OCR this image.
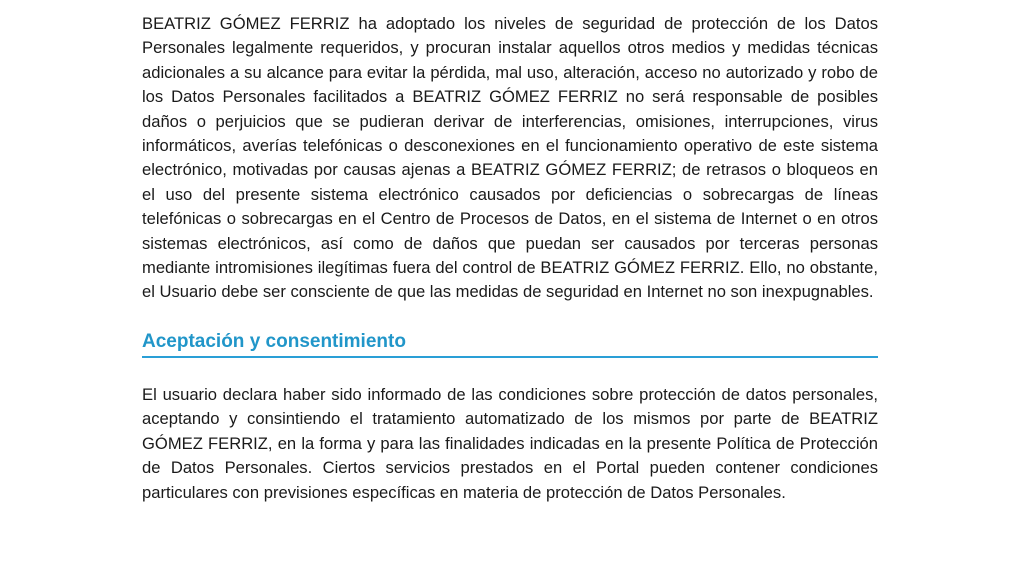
BEATRIZ GÓMEZ FERRIZ ha adoptado los niveles de seguridad de protección de los Datos Personales legalmente requeridos, y procuran instalar aquellos otros medios y medidas técnicas adicionales a su alcance para evitar la pérdida, mal uso, alteración, acceso no autorizado y robo de los Datos Personales facilitados a BEATRIZ GÓMEZ FERRIZ no será responsable de posibles daños o perjuicios que se pudieran derivar de interferencias, omisiones, interrupciones, virus informáticos, averías telefónicas o desconexiones en el funcionamiento operativo de este sistema electrónico, motivadas por causas ajenas a BEATRIZ GÓMEZ FERRIZ; de retrasos o bloqueos en el uso del presente sistema electrónico causados por deficiencias o sobrecargas de líneas telefónicas o sobrecargas en el Centro de Procesos de Datos, en el sistema de Internet o en otros sistemas electrónicos, así como de daños que puedan ser causados por terceras personas mediante intromisiones ilegítimas fuera del control de BEATRIZ GÓMEZ FERRIZ. Ello, no obstante, el Usuario debe ser consciente de que las medidas de seguridad en Internet no son inexpugnables.

Aceptación y consentimiento

El usuario declara haber sido informado de las condiciones sobre protección de datos personales, aceptando y consintiendo el tratamiento automatizado de los mismos por parte de BEATRIZ GÓMEZ FERRIZ, en la forma y para las finalidades indicadas en la presente Política de Protección de Datos Personales. Ciertos servicios prestados en el Portal pueden contener condiciones particulares con previsiones específicas en materia de protección de Datos Personales.
